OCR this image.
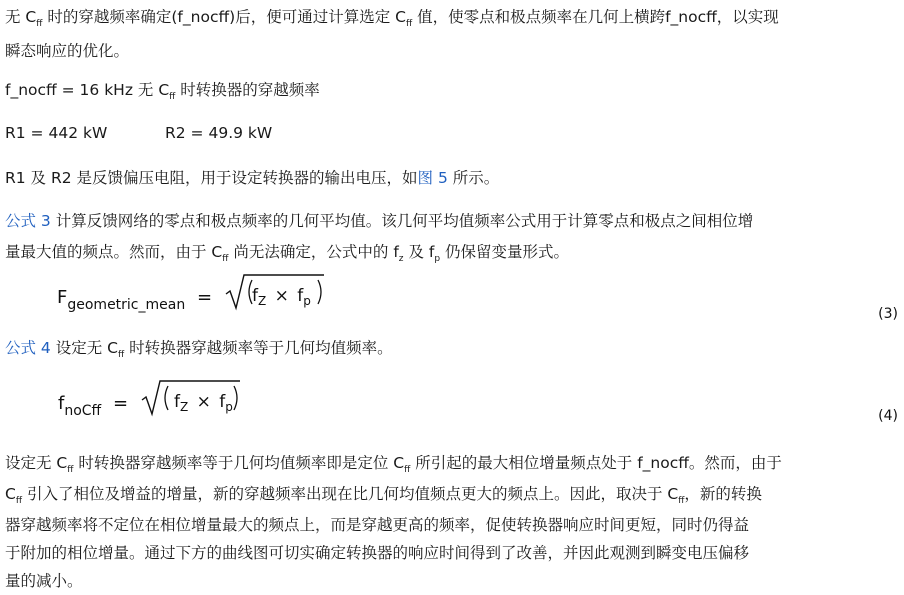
无 $C_{ff}$ 时的穿越频率确定(f_nocff)后，便可通过计算选定 $C_{ff}$ 值，使零点和极点频率在几何上横跨f_nocff，以实现
瞬态响应的优化。
f_nocff = 16 kHz 无 $C_{ff}$ 时转换器的穿越频率
R1 = 442 kW	R2 = 49.9 kW
R1 及 R2 是反馈偏压电阻，用于设定转换器的输出电压，如图 5 所示。
公式 3 计算反馈网络的零点和极点频率的几何平均值。该几何平均值频率公式用于计算零点和极点之间相位增
量最大值的频点。然而，由于 $C_{ff}$ 尚无法确定，公式中的 $f_z$ 及 $f_p$ 仍保留变量形式。
$F_{geometric\_mean} = f_Z \times f_p$
(3)
公式 4 设定无 $C_{ff}$ 时转换器穿越频率等于几何均值频率。
$f_{noCff}$ =	$f_Z \times f_p$
(4)
设定无 $C_{ff}$ 时转换器穿越频率等于几何均值频率即是定位 $C_{ff}$ 所引起的最大相位增量频点处于 f_nocff。然而，由于
$C_{ff}$ 引入了相位及增益的增量，新的穿越频率出现在比几何均值频点更大的频点上。因此，取决于 $C_{ff}$，新的转换
器穿越频率将不定位在相位增量最大的频点上，而是穿越更高的频率，促使转换器响应时间更短，同时仍得益
于附加的相位增量。通过下方的曲线图可切实确定转换器的响应时间得到了改善，并因此观测到瞬变电压偏移
量的减小。
